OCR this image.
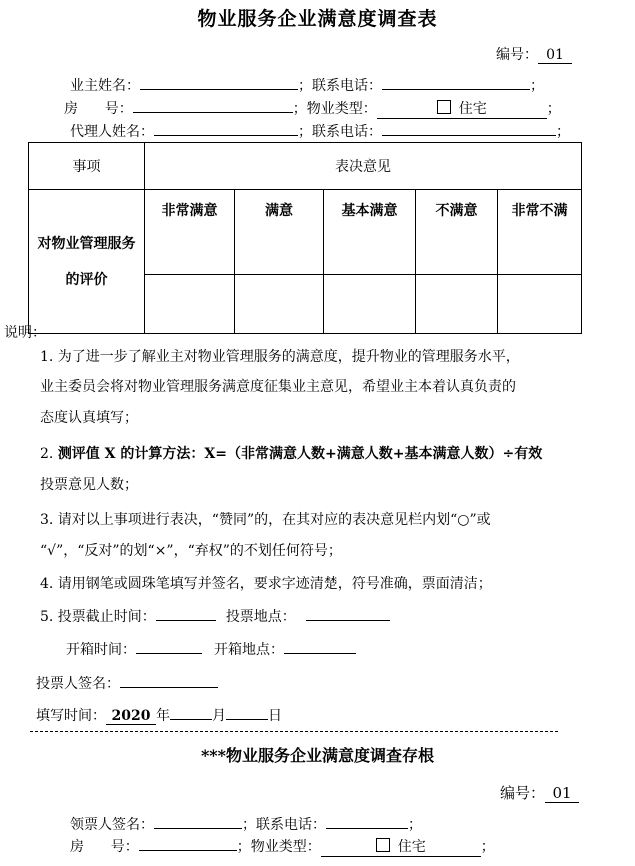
物业服务企业满意度调查表
编号： 01
业主姓名：	；联系电话：	；
房      号：	；物业类型：	住宅	；
代理人姓名：	；联系电话：	；
事项	表决意见				

对物业管理服务的评价	非常满意	满意	基本满意	不满意	非常不满

说明：
1. 为了进一步了解业主对物业管理服务的满意度，提升物业的管理服务水平，
业主委员会将对物业管理服务满意度征集业主意见，希望业主本着认真负责的
态度认真填写；
2. 测评值 X 的计算方法：X=（非常满意人数+满意人数+基本满意人数）÷有效
投票意见人数；
3. 请对以上事项进行表决，“赞同”的，在其对应的表决意见栏内划“○”或
“√”，“反对”的划“×”，“弃权”的不划任何符号；
4. 请用钢笔或圆珠笔填写并签名，要求字迹清楚，符号准确，票面清洁；
5. 投票截止时间：	投票地点：
开箱时间：	开箱地点：
投票人签名：
填写时间： 2020 年	月	日
***物业服务企业满意度调查存根
编号： 01
领票人签名：	；联系电话：	；
房      号：	；物业类型：	住宅	；
